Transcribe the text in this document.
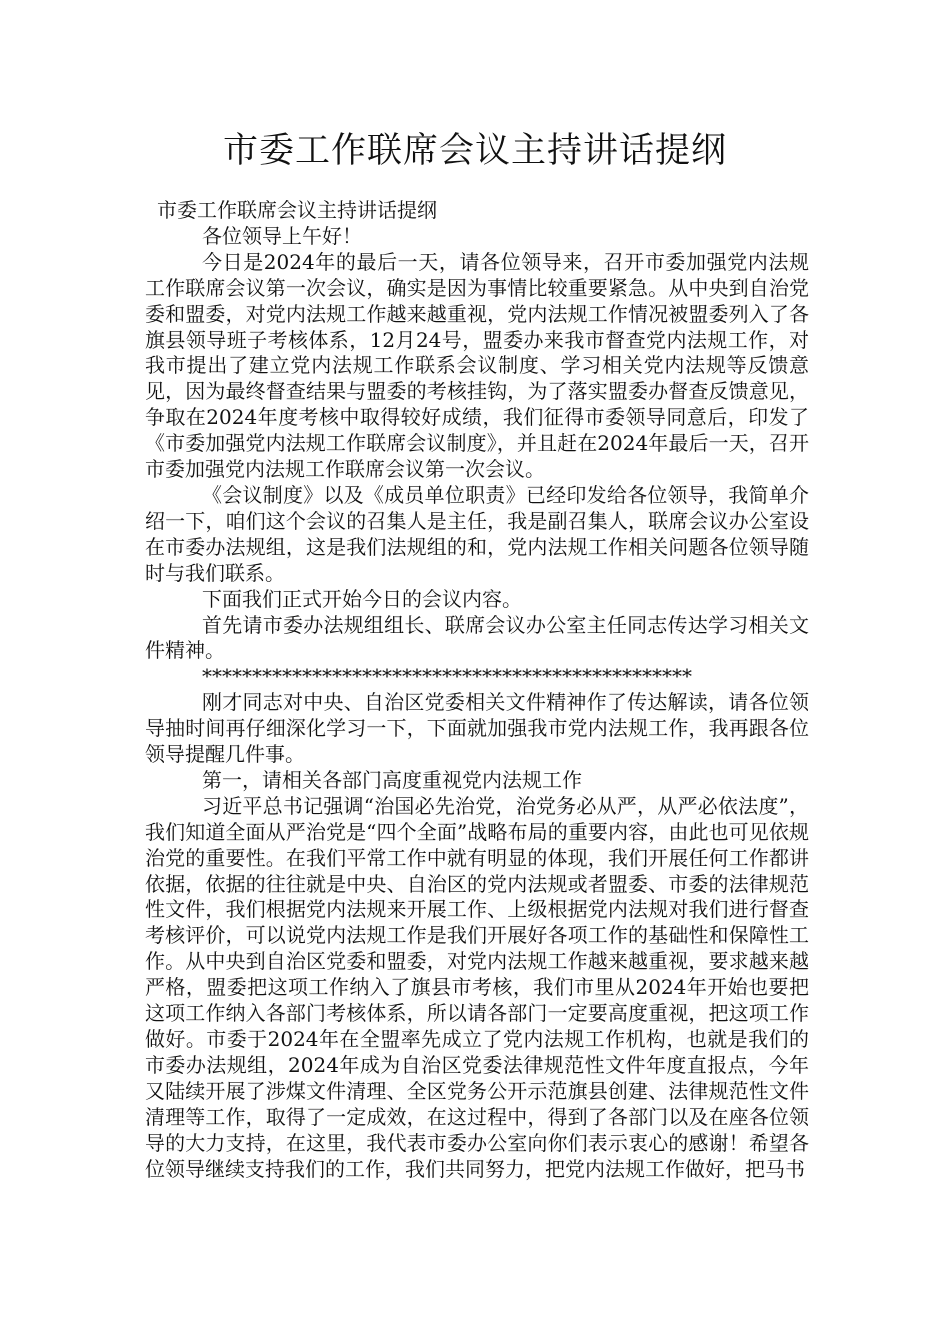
市委工作联席会议主持讲话提纲

市委工作联席会议主持讲话提纲

各位领导上午好！

今日是2024年的最后一天，请各位领导来，召开市委加强党内法规工作联席会议第一次会议，确实是因为事情比较重要紧急。从中央到自治党委和盟委，对党内法规工作越来越重视，党内法规工作情况被盟委列入了各旗县领导班子考核体系，12月24号，盟委办来我市督查党内法规工作，对我市提出了建立党内法规工作联系会议制度、学习相关党内法规等反馈意见，因为最终督查结果与盟委的考核挂钩，为了落实盟委办督查反馈意见，争取在2024年度考核中取得较好成绩，我们征得市委领导同意后，印发了《市委加强党内法规工作联席会议制度》，并且赶在2024年最后一天，召开市委加强党内法规工作联席会议第一次会议。

《会议制度》以及《成员单位职责》已经印发给各位领导，我简单介绍一下，咱们这个会议的召集人是主任，我是副召集人，联席会议办公室设在市委办法规组，这是我们法规组的和，党内法规工作相关问题各位领导随时与我们联系。

下面我们正式开始今日的会议内容。

首先请市委办法规组组长、联席会议办公室主任同志传达学习相关文件精神。

*************************************************

刚才同志对中央、自治区党委相关文件精神作了传达解读，请各位领导抽时间再仔细深化学习一下，下面就加强我市党内法规工作，我再跟各位领导提醒几件事。

第一，请相关各部门高度重视党内法规工作

习近平总书记强调“治国必先治党，治党务必从严，从严必依法度”，我们知道全面从严治党是“四个全面”战略布局的重要内容，由此也可见依规治党的重要性。在我们平常工作中就有明显的体现，我们开展任何工作都讲依据，依据的往往就是中央、自治区的党内法规或者盟委、市委的法律规范性文件，我们根据党内法规来开展工作、上级根据党内法规对我们进行督查考核评价，可以说党内法规工作是我们开展好各项工作的基础性和保障性工作。从中央到自治区党委和盟委，对党内法规工作越来越重视，要求越来越严格，盟委把这项工作纳入了旗县市考核，我们市里从2024年开始也要把这项工作纳入各部门考核体系，所以请各部门一定要高度重视，把这项工作做好。市委于2024年在全盟率先成立了党内法规工作机构，也就是我们的市委办法规组，2024年成为自治区党委法律规范性文件年度直报点，今年又陆续开展了涉煤文件清理、全区党务公开示范旗县创建、法律规范性文件清理等工作，取得了一定成效，在这过程中，得到了各部门以及在座各位领导的大力支持，在这里，我代表市委办公室向你们表示衷心的感谢！希望各位领导继续支持我们的工作，我们共同努力，把党内法规工作做好，把马书
